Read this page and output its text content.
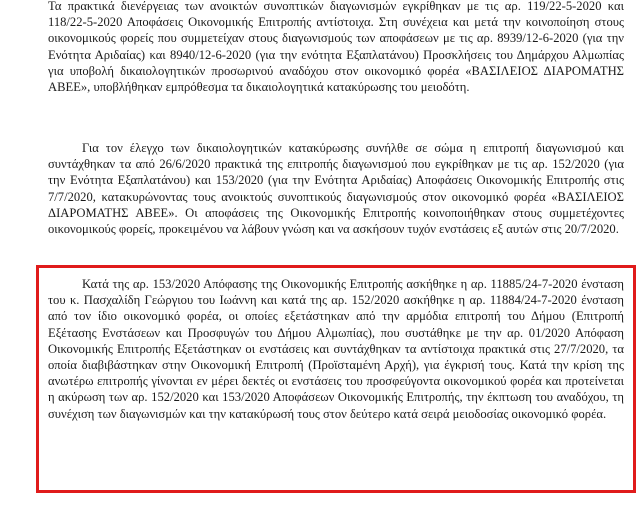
Τα πρακτικά διενέργειας των ανοικτών συνοπτικών διαγωνισμών εγκρίθηκαν με τις αρ. 119/22-5-2020 και 118/22-5-2020 Αποφάσεις Οικονομικής Επιτροπής αντίστοιχα. Στη συνέχεια και μετά την κοινοποίηση στους οικονομικούς φορείς που συμμετείχαν στους διαγωνισμούς των αποφάσεων με τις αρ. 8939/12-6-2020 (για την Ενότητα Αριδαίας) και 8940/12-6-2020 (για την ενότητα Εξαπλατάνου) Προσκλήσεις του Δημάρχου Αλμωπίας για υποβολή δικαιολογητικών προσωρινού αναδόχου στον οικονομικό φορέα «ΒΑΣΙΛΕΙΟΣ ΔΙΑΡΟΜΑΤΗΣ ΑΒΕΕ», υποβλήθηκαν εμπρόθεσμα τα δικαιολογητικά κατακύρωσης του μειοδότη.

Για τον έλεγχο των δικαιολογητικών κατακύρωσης συνήλθε σε σώμα η επιτροπή διαγωνισμού και συντάχθηκαν τα από 26/6/2020 πρακτικά της επιτροπής διαγωνισμού που εγκρίθηκαν με τις αρ. 152/2020 (για την Ενότητα Εξαπλατάνου) και 153/2020 (για την Ενότητα Αριδαίας) Αποφάσεις Οικονομικής Επιτροπής στις 7/7/2020, κατακυρώνοντας τους ανοικτούς συνοπτικούς διαγωνισμούς στον οικονομικό φορέα «ΒΑΣΙΛΕΙΟΣ ΔΙΑΡΟΜΑΤΗΣ ΑΒΕΕ». Οι αποφάσεις της Οικονομικής Επιτροπής κοινοποιήθηκαν στους συμμετέχοντες οικονομικούς φορείς, προκειμένου να λάβουν γνώση και να ασκήσουν τυχόν ενστάσεις εξ αυτών στις 20/7/2020.

Κατά της αρ. 153/2020 Απόφασης της Οικονομικής Επιτροπής ασκήθηκε η αρ. 11885/24-7-2020 ένσταση του κ. Πασχαλίδη Γεώργιου του Ιωάννη και κατά της αρ. 152/2020 ασκήθηκε η αρ. 11884/24-7-2020 ένσταση από τον ίδιο οικονομικό φορέα, οι οποίες εξετάστηκαν από την αρμόδια επιτροπή του Δήμου (Επιτροπή Εξέτασης Ενστάσεων και Προσφυγών του Δήμου Αλμωπίας), που συστάθηκε με την αρ. 01/2020 Απόφαση Οικονομικής Επιτροπής Εξετάστηκαν οι ενστάσεις και συντάχθηκαν τα αντίστοιχα πρακτικά στις 27/7/2020, τα οποία διαβιβάστηκαν στην Οικονομική Επιτροπή (Προϊσταμένη Αρχή), για έγκρισή τους. Κατά την κρίση της ανωτέρω επιτροπής γίνονται εν μέρει δεκτές οι ενστάσεις του προσφεύγοντα οικονομικού φορέα και προτείνεται η ακύρωση των αρ. 152/2020 και 153/2020 Αποφάσεων Οικονομικής Επιτροπής, την έκπτωση του αναδόχου, τη συνέχιση των διαγωνισμών και την κατακύρωσή τους στον δεύτερο κατά σειρά μειοδοσίας οικονομικό φορέα.
